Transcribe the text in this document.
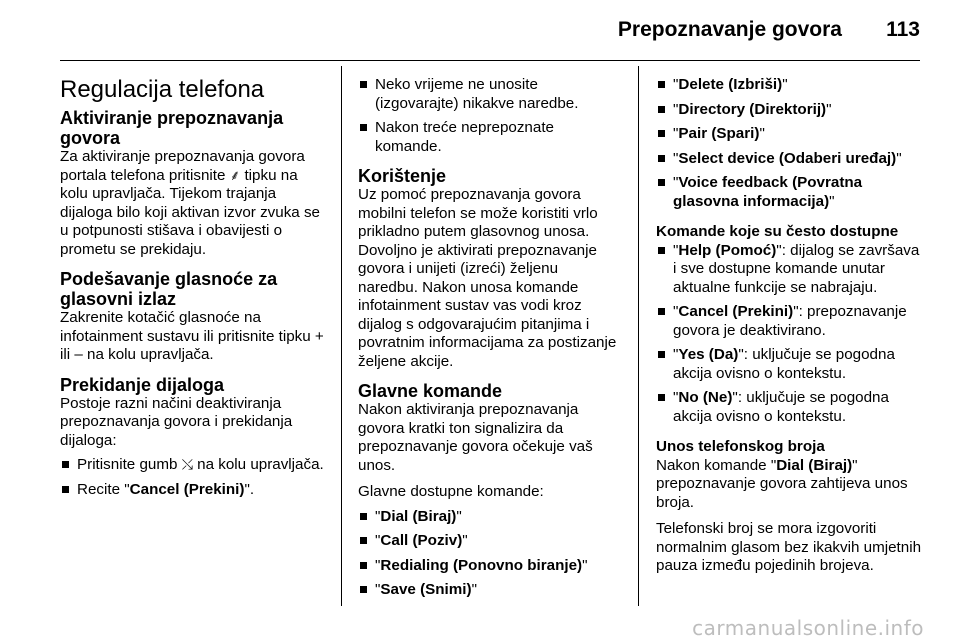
Prepoznavanje govora 113
Regulacija telefona
Aktiviranje prepoznavanja
govora

Za aktiviranje prepoznavanja govora portala telefona pritisnite ⸙ tipku na kolu upravljača. Tijekom trajanja dijaloga bilo koji aktivan izvor zvuka se u potpunosti stišava i obavijesti o prometu se prekidaju.

Podešavanje glasnoće za
glasovni izlaz

Zakrenite kotačić glasnoće na infotainment sustavu ili pritisnite tipku + ili – na kolu upravljača.

Prekidanje dijaloga

Postoje razni načini deaktiviranja prepoznavanja govora i prekidanja dijaloga:

Pritisnite gumb ⤯ na kolu upravljača.
Recite "Cancel (Prekini)".
Neko vrijeme ne unosite (izgovarajte) nikakve naredbe.
Nakon treće neprepoznate komande.
Korištenje

Uz pomoć prepoznavanja govora mobilni telefon se može koristiti vrlo prikladno putem glasovnog unosa. Dovoljno je aktivirati prepoznavanje govora i unijeti (izreći) željenu naredbu. Nakon unosa komande infotainment sustav vas vodi kroz dijalog s odgovarajućim pitanjima i povratnim informacijama za postizanje željene akcije.

Glavne komande

Nakon aktiviranja prepoznavanja govora kratki ton signalizira da prepoznavanje govora očekuje vaš unos.

Glavne dostupne komande:

"Dial (Biraj)"
"Call (Poziv)"
"Redialing (Ponovno biranje)"
"Save (Snimi)"
"Delete (Izbriši)"
"Directory (Direktorij)"
"Pair (Spari)"
"Select device (Odaberi uređaj)"
"Voice feedback (Povratna
glasovna informacija)"
Komande koje su često dostupne
"Help (Pomoć)": dijalog se završava i sve dostupne komande unutar aktualne funkcije se nabrajaju.
"Cancel (Prekini)": prepoznavanje govora je deaktivirano.
"Yes (Da)": uključuje se pogodna akcija ovisno o kontekstu.
"No (Ne)": uključuje se pogodna akcija ovisno o kontekstu.
Unos telefonskog broja

Nakon komande "Dial (Biraj)" prepoznavanje govora zahtijeva unos broja.

Telefonski broj se mora izgovoriti normalnim glasom bez ikakvih umjetnih pauza između pojedinih brojeva.

carmanualsonline.info
